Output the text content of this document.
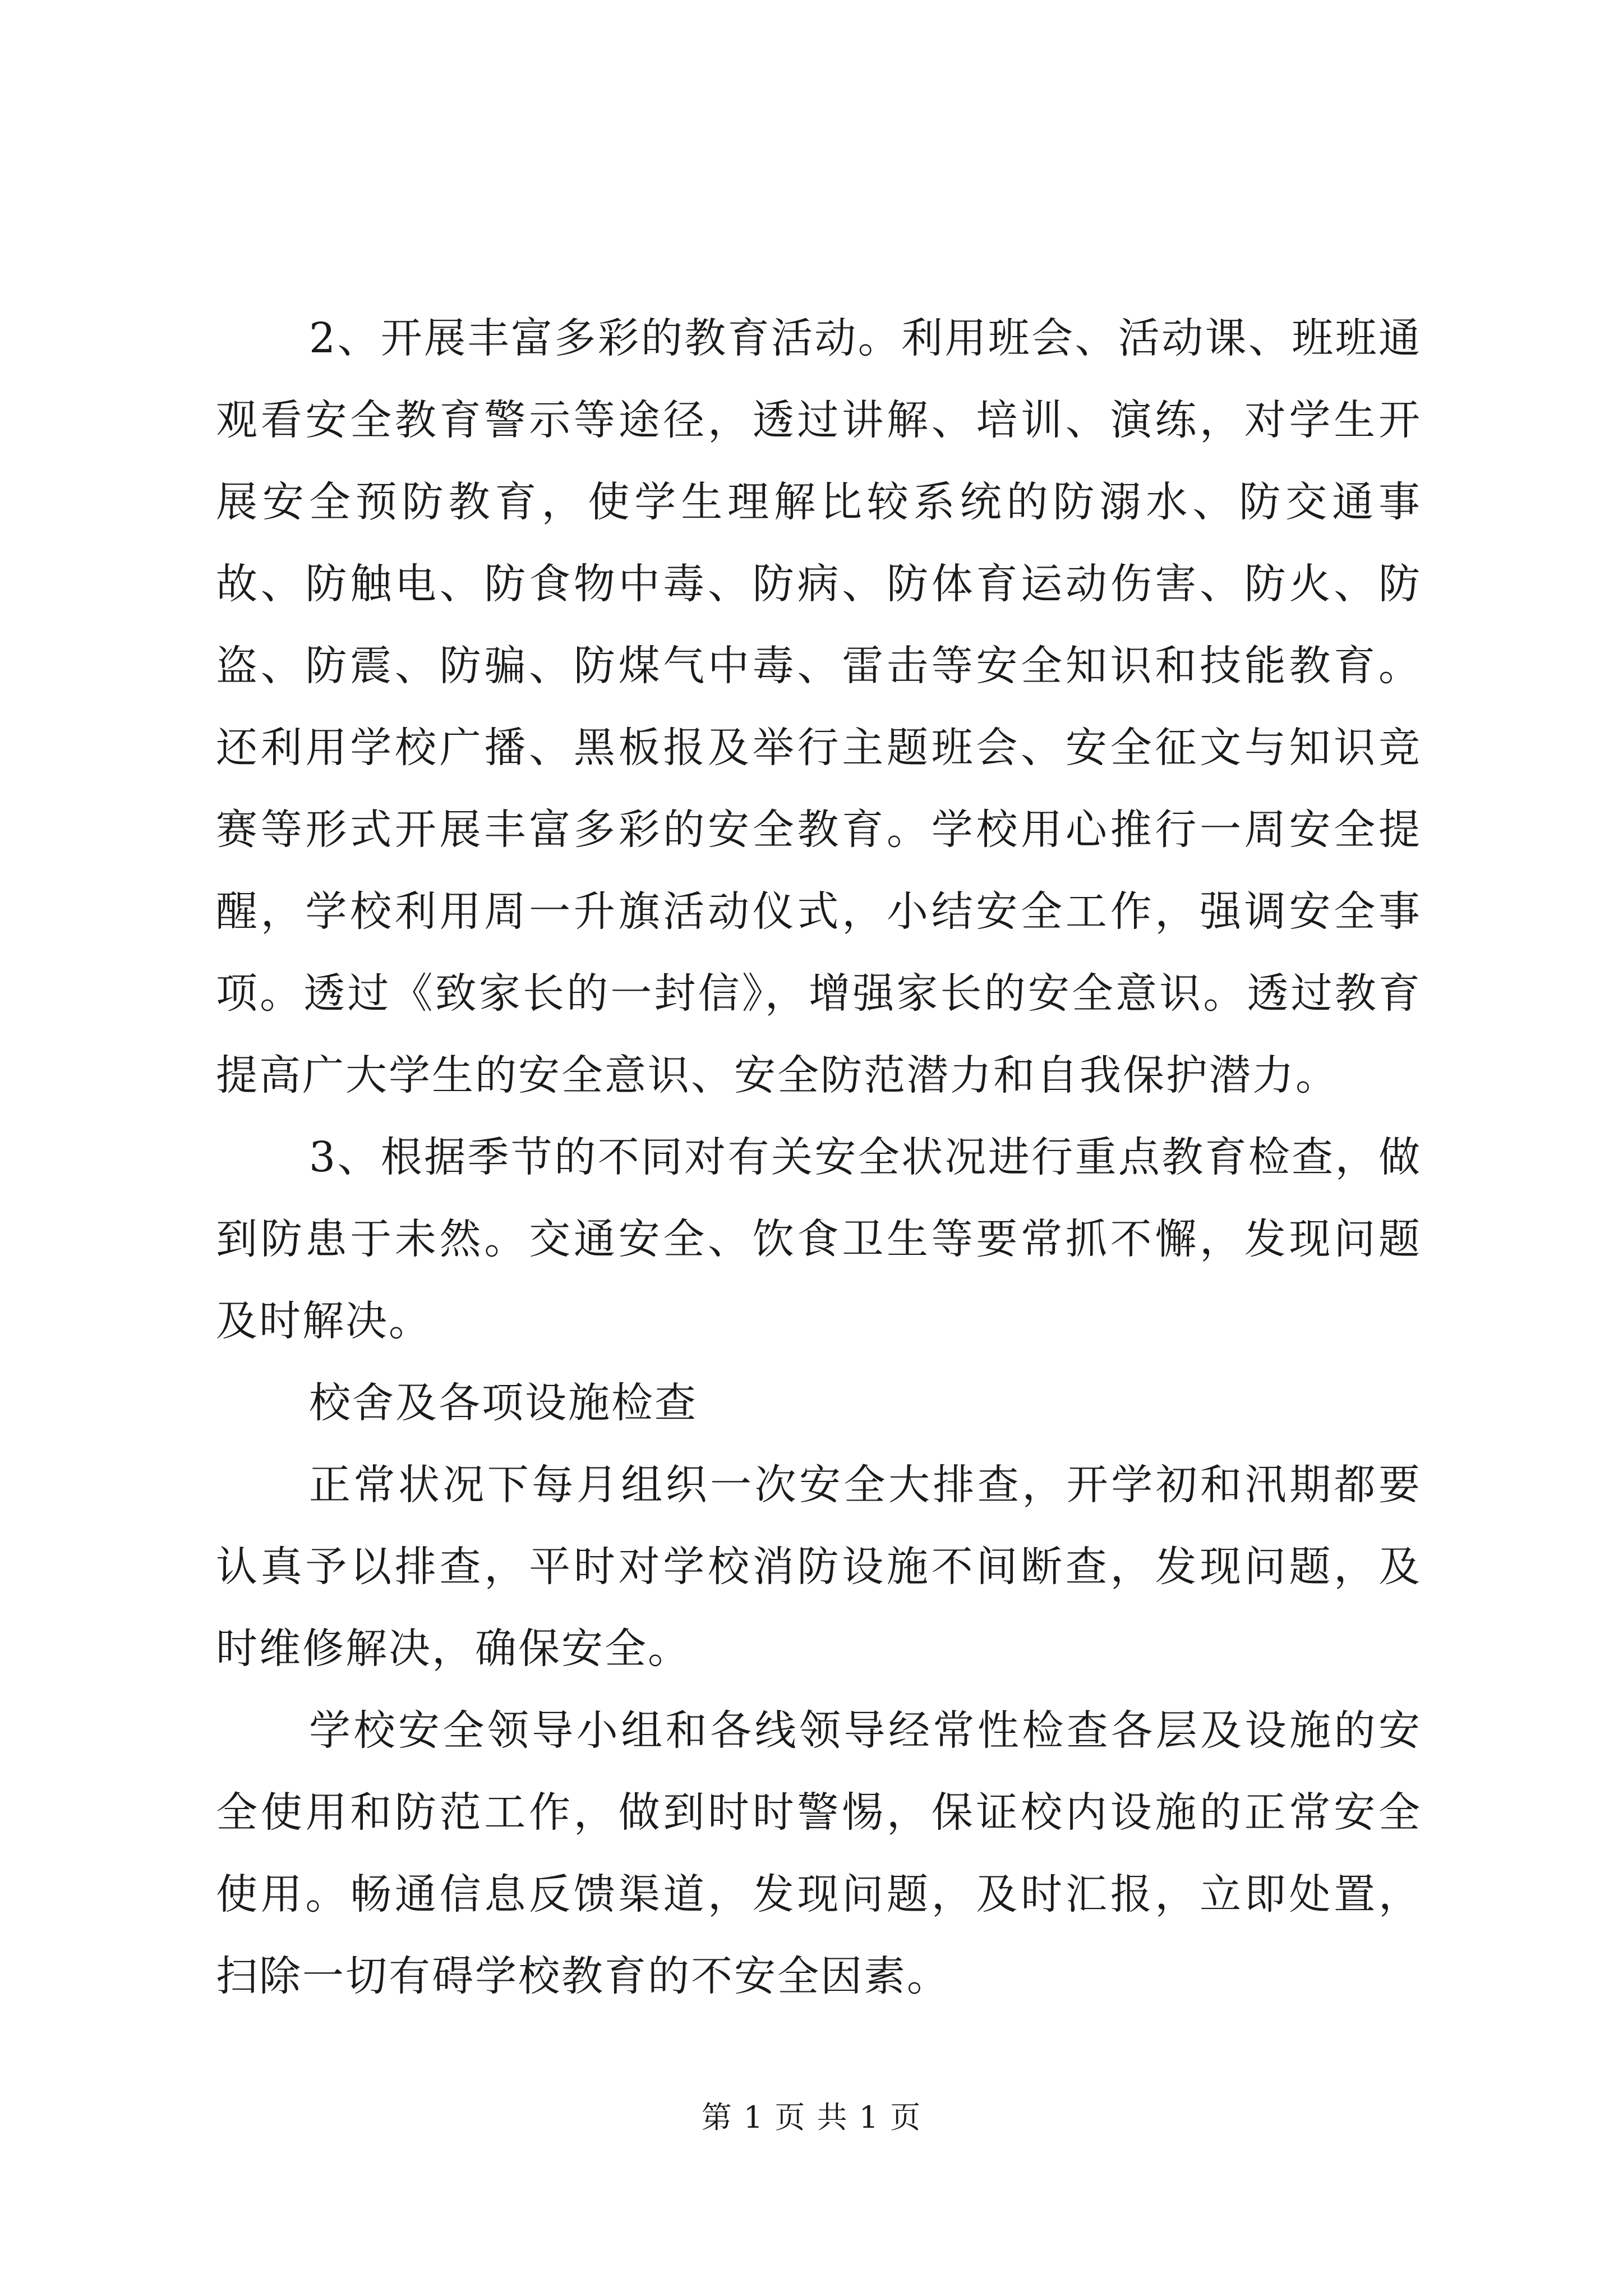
2、开展丰富多彩的教育活动。利用班会、活动课、班班通观看安全教育警示等途径，透过讲解、培训、演练，对学生开展安全预防教育，使学生理解比较系统的防溺水、防交通事故、防触电、防食物中毒、防病、防体育运动伤害、防火、防盗、防震、防骗、防煤气中毒、雷击等安全知识和技能教育。还利用学校广播、黑板报及举行主题班会、安全征文与知识竞赛等形式开展丰富多彩的安全教育。学校用心推行一周安全提醒，学校利用周一升旗活动仪式，小结安全工作，强调安全事项。透过《致家长的一封信》，增强家长的安全意识。透过教育提高广大学生的安全意识、安全防范潜力和自我保护潜力。

3、根据季节的不同对有关安全状况进行重点教育检查，做到防患于未然。交通安全、饮食卫生等要常抓不懈，发现问题及时解决。

校舍及各项设施检查

正常状况下每月组织一次安全大排查，开学初和汛期都要认真予以排查，平时对学校消防设施不间断查，发现问题，及时维修解决，确保安全。

学校安全领导小组和各线领导经常性检查各层及设施的安全使用和防范工作，做到时时警惕，保证校内设施的正常安全使用。畅通信息反馈渠道，发现问题，及时汇报，立即处置，扫除一切有碍学校教育的不安全因素。

第 1 页 共 1 页
